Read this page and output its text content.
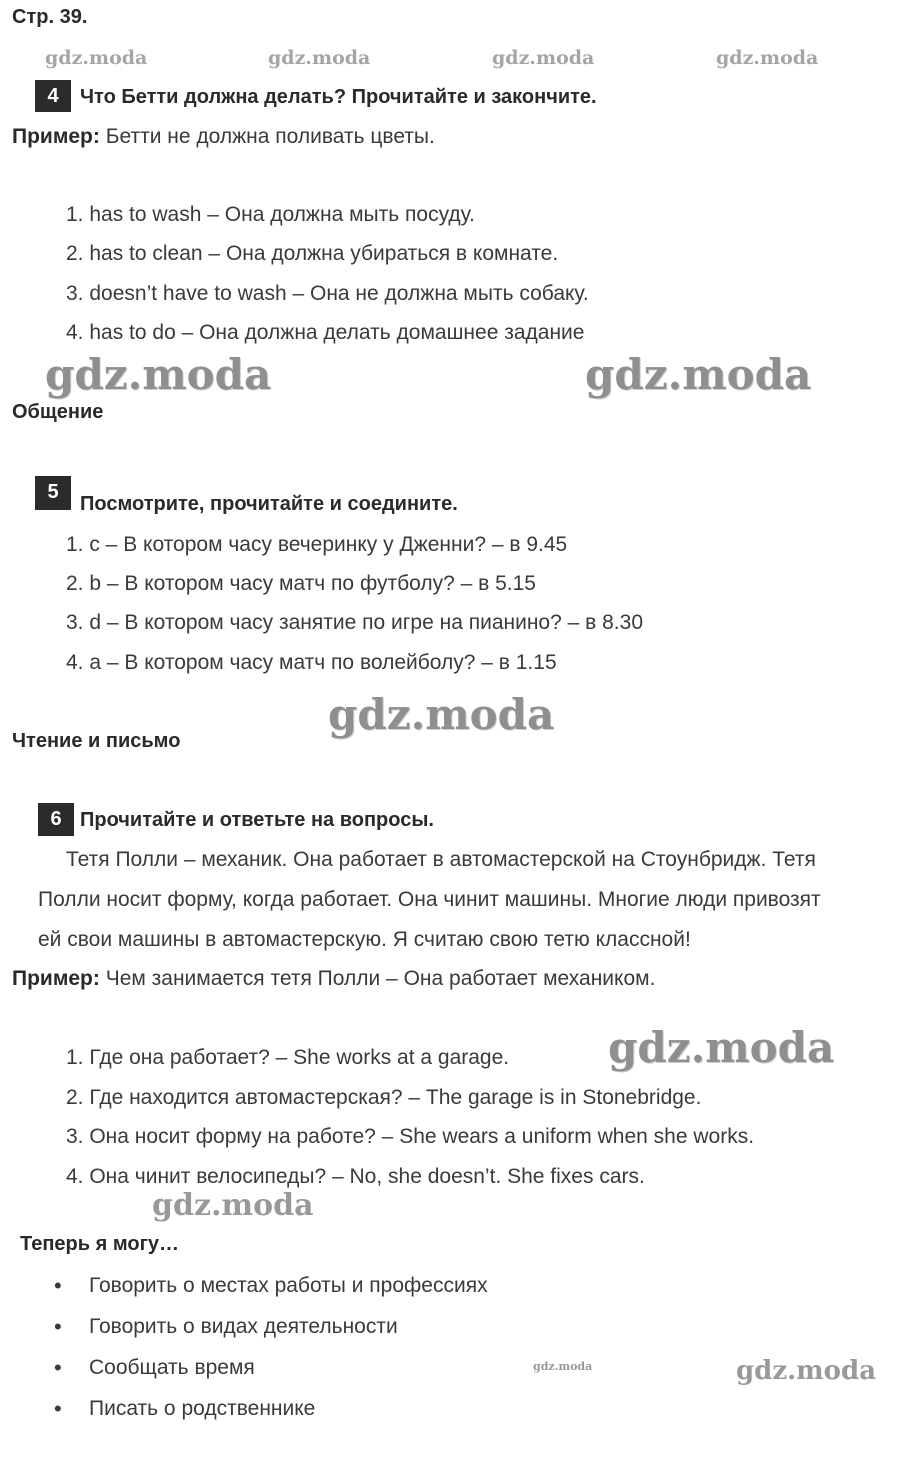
Стр. 39.
gdz.moda	gdz.moda	gdz.moda	gdz.moda
4	Что Бетти должна делать? Прочитайте и закончите.
Пример: Бетти не должна поливать цветы.
1. has to wash – Она должна мыть посуду.
2. has to clean – Она должна убираться в комнате.
3. doesn’t have to wash – Она не должна мыть собаку.
4. has to do – Она должна делать домашнее задание
gdz.moda	gdz.moda
Общение
5
Посмотрите, прочитайте и соедините.
1. c – В котором часу вечеринку у Дженни? – в 9.45
2. b – В котором часу матч по футболу? – в 5.15
3. d – В котором часу занятие по игре на пианино? – в 8.30
4. a – В котором часу матч по волейболу? – в 1.15
gdz.moda
Чтение и письмо
6 Прочитайте и ответьте на вопросы.
Тетя Полли – механик. Она работает в автомастерской на Стоунбридж. Тетя
Полли носит форму, когда работает. Она чинит машины. Многие люди привозят
ей свои машины в автомастерскую. Я считаю свою тетю классной!
Пример: Чем занимается тетя Полли – Она работает механиком.
1. Где она работает? – She works at a garage.
2. Где находится автомастерская? – The garage is in Stonebridge.
3. Она носит форму на работе? – She wears a uniform when she works.
4. Она чинит велосипеды? – No, she doesn’t. She fixes cars.
gdz.moda
gdz.moda
Теперь я могу…
• Говорить о местах работы и профессиях
• Говорить о видах деятельности
• Сообщать время
• Писать о родственнике
gdz.moda	gdz.moda
